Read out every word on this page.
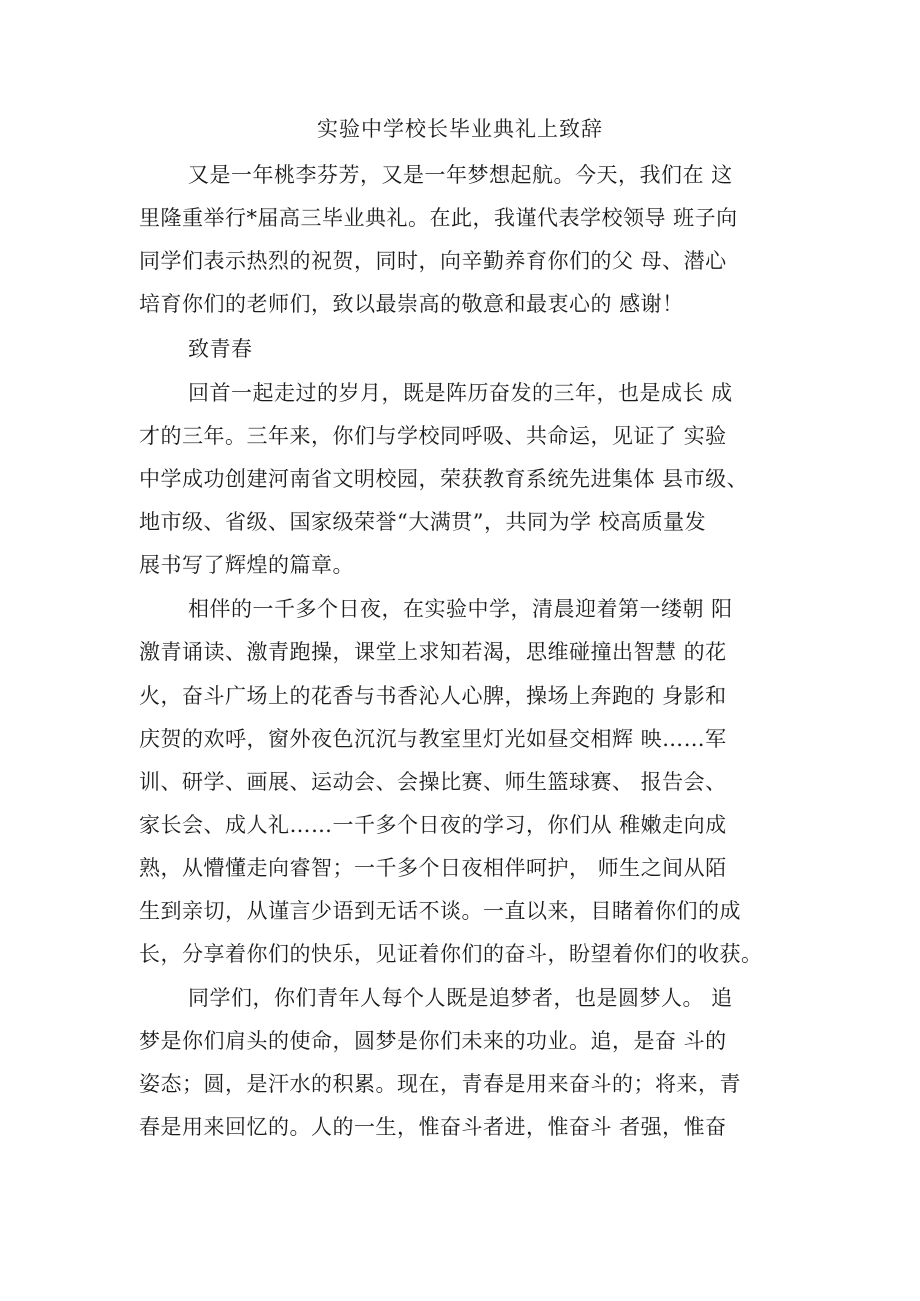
实验中学校长毕业典礼上致辞
又是一年桃李芬芳，又是一年梦想起航。今天，我们在 这
里隆重举行*届高三毕业典礼。在此，我谨代表学校领导 班子向
同学们表示热烈的祝贺，同时，向辛勤养育你们的父 母、潜心
培育你们的老师们，致以最崇高的敬意和最衷心的 感谢！
致青春
回首一起走过的岁月，既是阵历奋发的三年，也是成长 成
才的三年。三年来，你们与学校同呼吸、共命运，见证了 实验
中学成功创建河南省文明校园，荣获教育系统先进集体 县市级、
地市级、省级、国家级荣誉“大满贯”，共同为学 校高质量发
展书写了辉煌的篇章。
相伴的一千多个日夜，在实验中学，清晨迎着第一缕朝 阳
激青诵读、激青跑操，课堂上求知若渴，思维碰撞出智慧 的花
火，奋斗广场上的花香与书香沁人心脾，操场上奔跑的 身影和
庆贺的欢呼，窗外夜色沉沉与教室里灯光如昼交相辉 映……军
训、研学、画展、运动会、会操比赛、师生篮球赛、 报告会、
家长会、成人礼……一千多个日夜的学习，你们从 稚嫩走向成
熟，从懵懂走向睿智；一千多个日夜相伴呵护， 师生之间从陌
生到亲切，从谨言少语到无话不谈。一直以来，目睹着你们的成
长，分享着你们的快乐，见证着你们的奋斗，盼望着你们的收获。
同学们，你们青年人每个人既是追梦者，也是圆梦人。 追
梦是你们肩头的使命，圆梦是你们未来的功业。追，是奋 斗的
姿态；圆，是汗水的积累。现在，青春是用来奋斗的；将来，青
春是用来回忆的。人的一生，惟奋斗者进，惟奋斗 者强，惟奋
